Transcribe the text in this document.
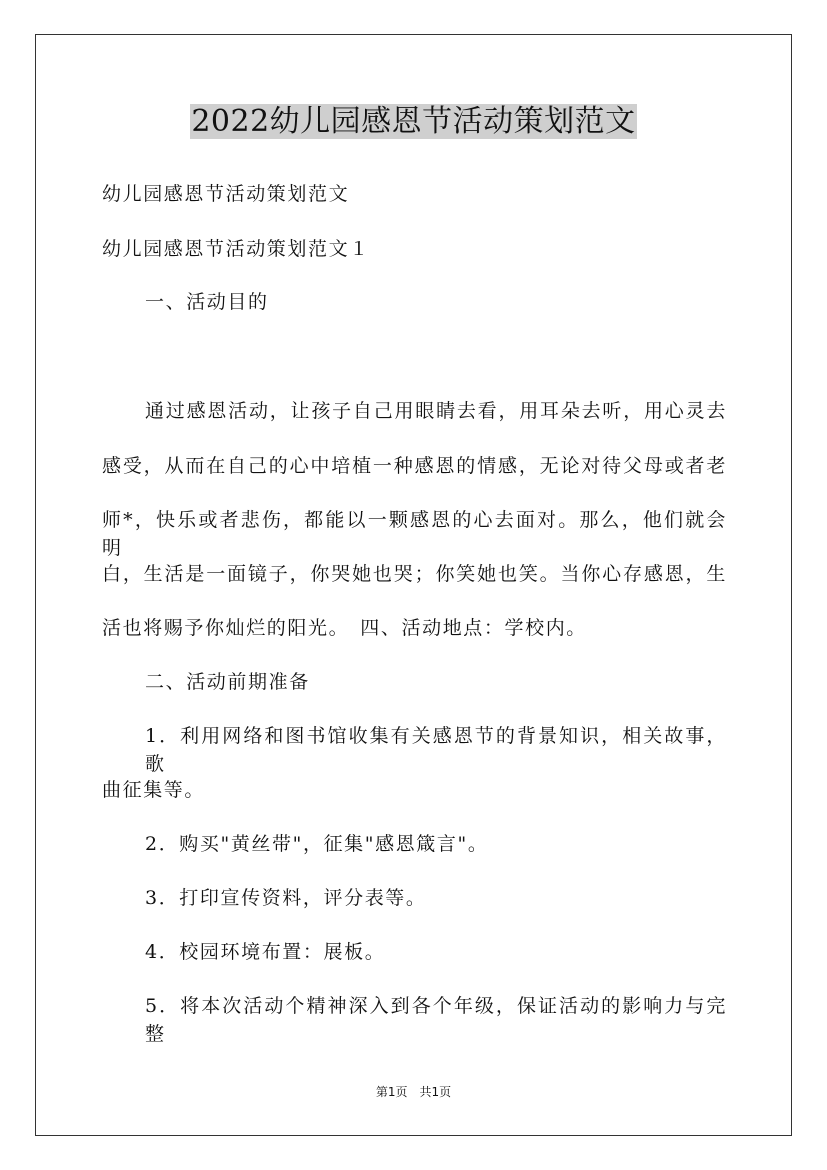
2022幼儿园感恩节活动策划范文
幼儿园感恩节活动策划范文
幼儿园感恩节活动策划范文１
一、活动目的
通过感恩活动，让孩子自己用眼睛去看，用耳朵去听，用心灵去
感受，从而在自己的心中培植一种感恩的情感，无论对待父母或者老
师*，快乐或者悲伤，都能以一颗感恩的心去面对。那么，他们就会明
白，生活是一面镜子，你哭她也哭；你笑她也笑。当你心存感恩，生
活也将赐予你灿烂的阳光。　四、活动地点：学校内。
二、活动前期准备
1．利用网络和图书馆收集有关感恩节的背景知识，相关故事，歌
曲征集等。
2．购买"黄丝带"，征集"感恩箴言"。
3．打印宣传资料，评分表等。
4．校园环境布置：展板。
5．将本次活动个精神深入到各个年级，保证活动的影响力与完整
第1页　共1页
